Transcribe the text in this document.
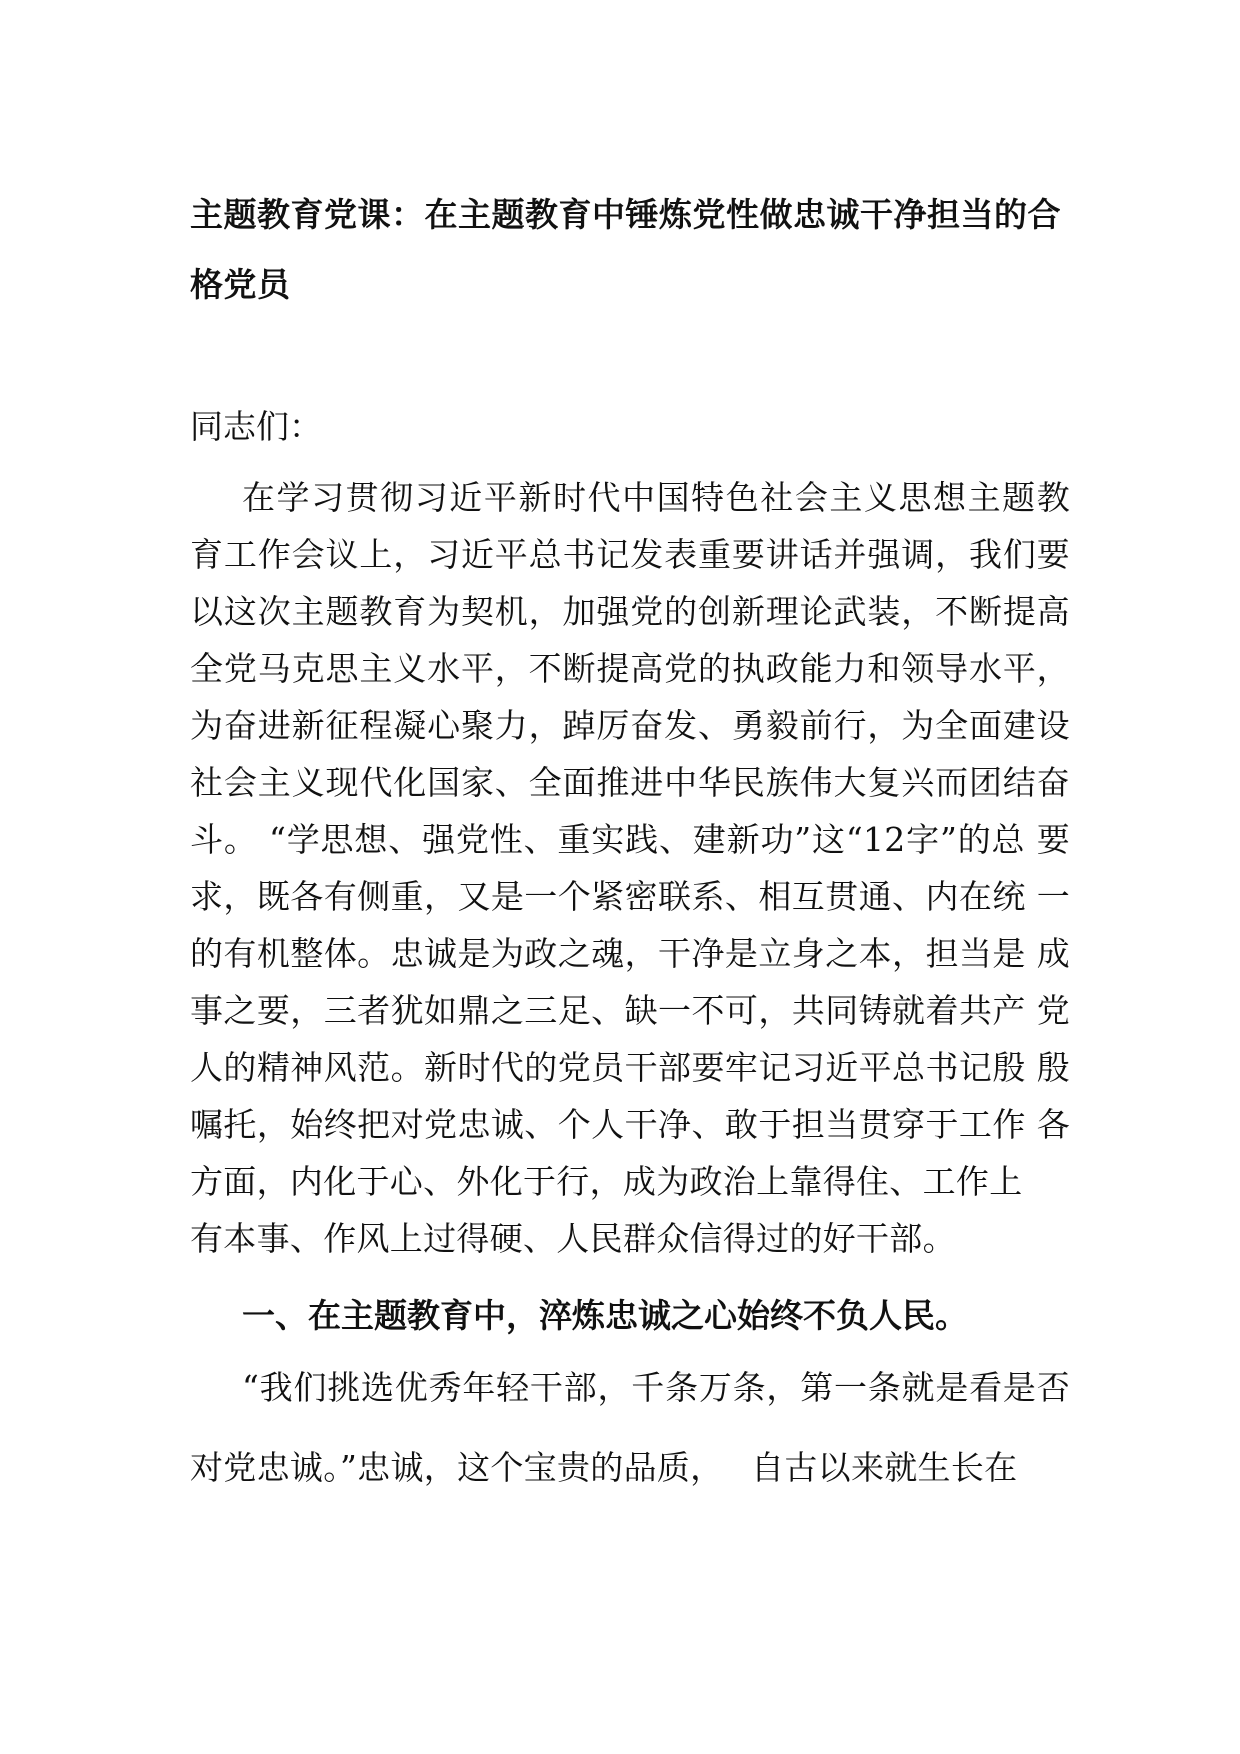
主题教育党课：在主题教育中锤炼党性做忠诚干净担当的合格党员

同志们：

在学习贯彻习近平新时代中国特色社会主义思想主题教育工作会议上，习近平总书记发表重要讲话并强调，我们要以这次主题教育为契机，加强党的创新理论武装，不断提高全党马克思主义水平，不断提高党的执政能力和领导水平，为奋进新征程凝心聚力，踔厉奋发、勇毅前行，为全面建设社会主义现代化国家、全面推进中华民族伟大复兴而团结奋斗。 “学思想、强党性、重实践、建新功”这“12字”的总 要求，既各有侧重，又是一个紧密联系、相互贯通、内在统 一的有机整体。忠诚是为政之魂，干净是立身之本，担当是 成事之要，三者犹如鼎之三足、缺一不可，共同铸就着共产 党人的精神风范。新时代的党员干部要牢记习近平总书记殷 殷嘱托，始终把对党忠诚、个人干净、敢于担当贯穿于工作 各方面，内化于心、外化于行，成为政治上靠得住、工作上
有本事、作风上过得硬、人民群众信得过的好干部。

一、在主题教育中，淬炼忠诚之心始终不负人民。

“我们挑选优秀年轻干部，千条万条，第一条就是看是否对党忠诚。”忠诚，这个宝贵的品质，　 自古以来就生长在
